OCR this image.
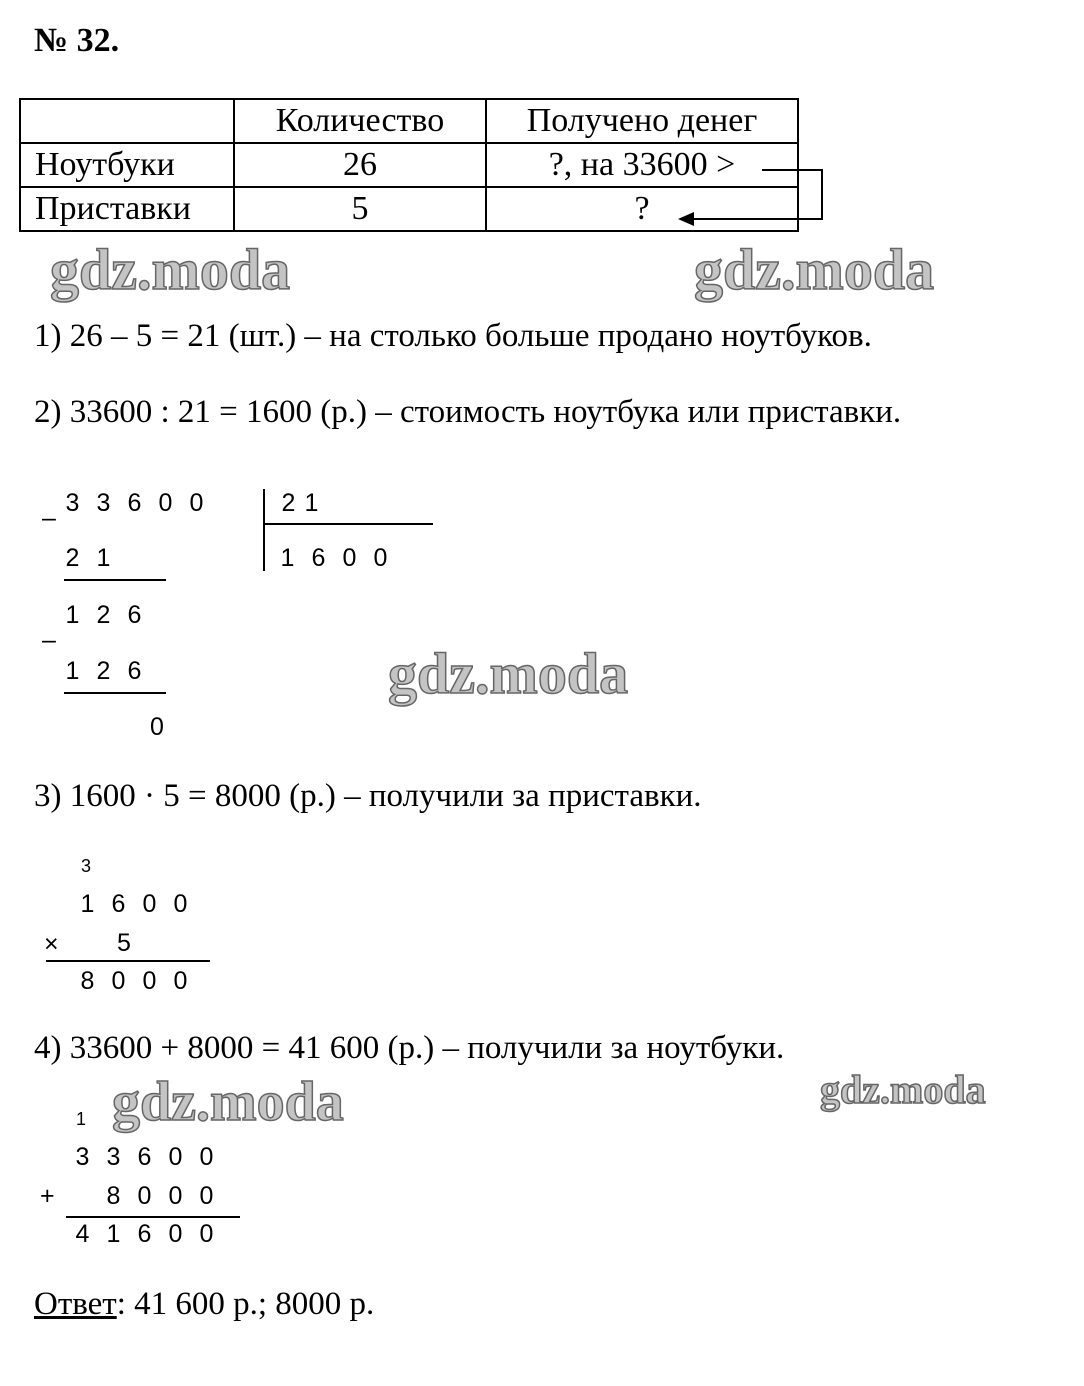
№ 32.
	Количество	Получено денег
Ноутбуки	26	?, на 33600 >
Приставки	5	?
gdz.moda	gdz.moda
1) 26 – 5 = 21 (шт.) – на столько больше продано ноутбуков.
2) 33600 : 21 = 1600 (р.) – стоимость ноутбука или приставки.
3 3 6 0 0
–
2 1
1 6 0 0
2 1
1 2 6
–
1 2 6
0
gdz.moda
3) 1600 · 5 = 8000 (р.) – получили за приставки.
3
1 6 0 0
× 5
8 0 0 0
4) 33600 + 8000 = 41 600 (р.) – получили за ноутбуки.
gdz.moda	gdz.moda
1
3 3 6 0 0
+	8 0 0 0
4 1 6 0 0
Ответ: 41 600 р.; 8000 р.
